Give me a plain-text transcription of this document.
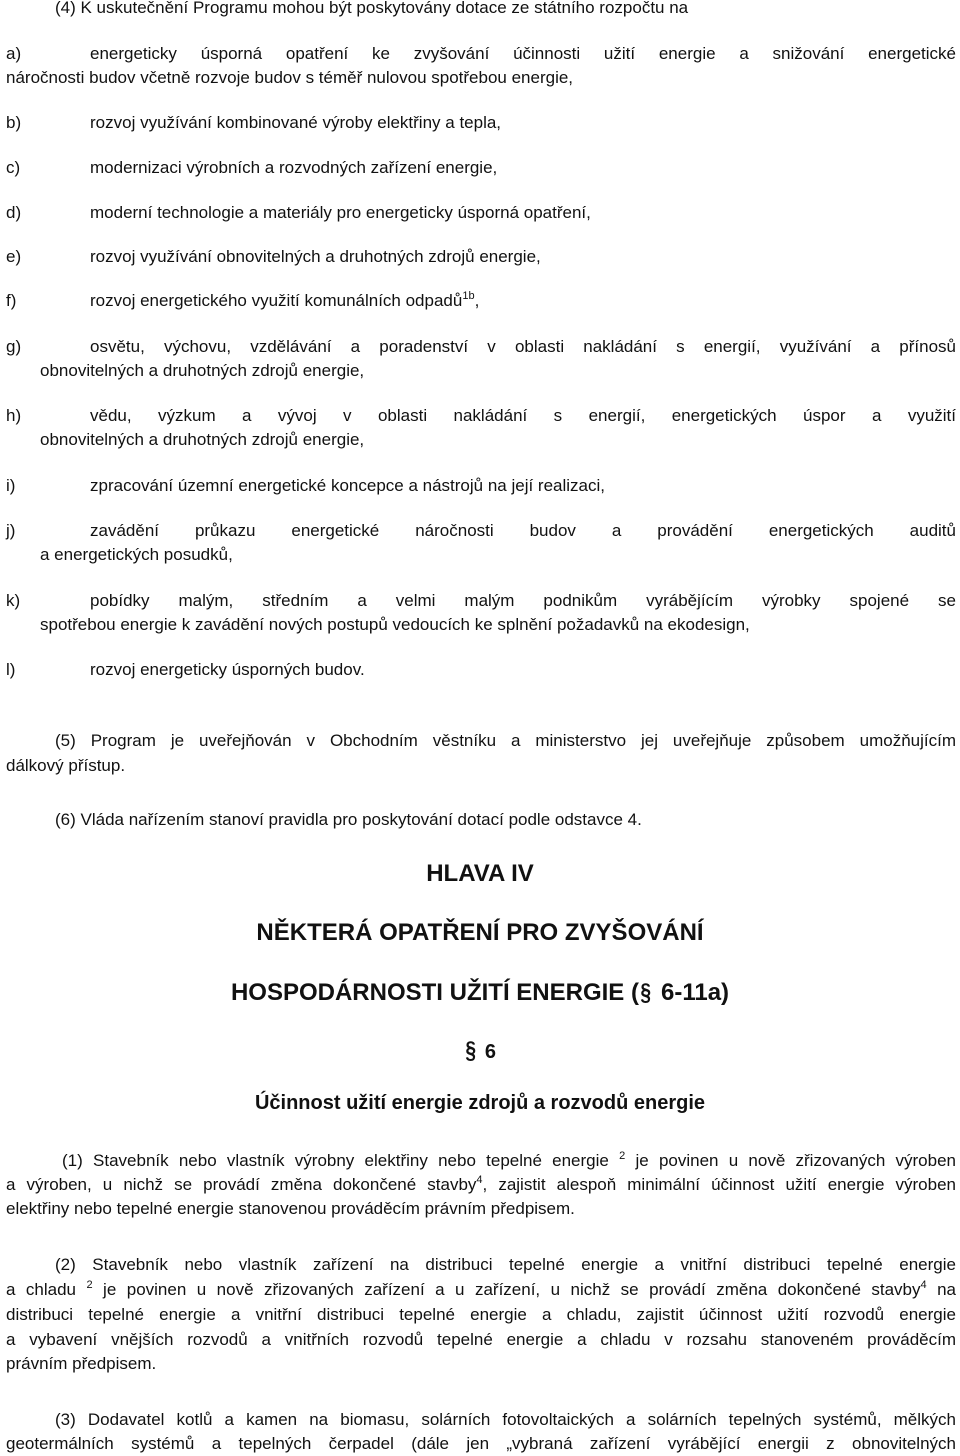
(4) K uskutečnění Programu mohou být poskytovány dotace ze státního rozpočtu na
a)	energeticky úsporná opatření ke zvyšování účinnosti užití energie a snižování energetické
náročnosti budov včetně rozvoje budov s téměř nulovou spotřebou energie,
b)	rozvoj využívání kombinované výroby elektřiny a tepla,
c)	modernizaci výrobních a rozvodných zařízení energie,
d)	moderní technologie a materiály pro energeticky úsporná opatření,
e)	rozvoj využívání obnovitelných a druhotných zdrojů energie,
f)	rozvoj energetického využití komunálních odpadů$^{1b}$,
g)	osvětu, výchovu, vzdělávání a poradenství v oblasti nakládání s energií, využívání a přínosů
obnovitelných a druhotných zdrojů energie,
h)	vědu, výzkum a vývoj v oblasti nakládání s energií, energetických úspor a využití
obnovitelných a druhotných zdrojů energie,
i)	zpracování územní energetické koncepce a nástrojů na její realizaci,
j)	zavádění průkazu energetické náročnosti budov a provádění energetických auditů
a energetických posudků,
k)	pobídky malým, středním a velmi malým podnikům vyrábějícím výrobky spojené se
spotřebou energie k zavádění nových postupů vedoucích ke splnění požadavků na ekodesign,
l)	rozvoj energeticky úsporných budov.
(5) Program je uveřejňován v Obchodním věstníku a ministerstvo jej uveřejňuje způsobem umožňujícím
dálkový přístup.
(6) Vláda nařízením stanoví pravidla pro poskytování dotací podle odstavce 4.
HLAVA IV
NĚKTERÁ OPATŘENÍ PRO ZVYŠOVÁNÍ
HOSPODÁRNOSTI UŽITÍ ENERGIE (§ 6-11a)
§ 6
Účinnost užití energie zdrojů a rozvodů energie
(1) Stavebník nebo vlastník výrobny elektřiny nebo tepelné energie $^2$ je povinen u nově zřizovaných výroben
a výroben, u nichž se provádí změna dokončené stavby$^4$, zajistit alespoň minimální účinnost užití energie výroben
elektřiny nebo tepelné energie stanovenou prováděcím právním předpisem.
(2) Stavebník nebo vlastník zařízení na distribuci tepelné energie a vnitřní distribuci tepelné energie
a chladu $^2$ je povinen u nově zřizovaných zařízení a u zařízení, u nichž se provádí změna dokončené stavby$^4$ na
distribuci tepelné energie a vnitřní distribuci tepelné energie a chladu, zajistit účinnost užití rozvodů energie
a vybavení vnějších rozvodů a vnitřních rozvodů tepelné energie a chladu v rozsahu stanoveném prováděcím
právním předpisem.
(3) Dodavatel kotlů a kamen na biomasu, solárních fotovoltaických a solárních tepelných systémů, mělkých
geotermálních systémů a tepelných čerpadel (dále jen „vybraná zařízení vyrábějící energii z obnovitelných
